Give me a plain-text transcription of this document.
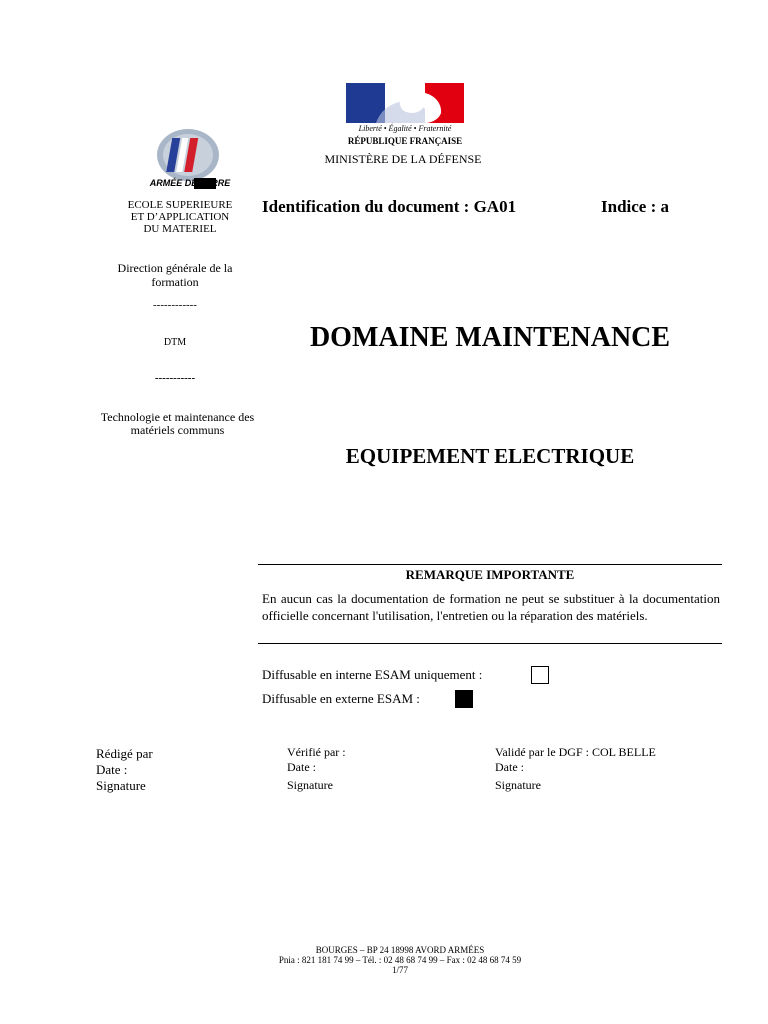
Liberté • Égalité • Fraternité
RÉPUBLIQUE FRANÇAISE
MINISTÈRE DE LA DÉFENSE
ARMÉE DE TERRE
ECOLE SUPERIEURE
ET D’APPLICATION
DU MATERIEL
Direction générale de la formation
------------
DTM
-----------
Technologie et maintenance des matériels communs
Identification du document : GA01	Indice : a
DOMAINE MAINTENANCE
EQUIPEMENT ELECTRIQUE
REMARQUE IMPORTANTE
En aucun cas la documentation de formation ne peut se substituer à la documentation officielle concernant l'utilisation, l'entretien ou la réparation des matériels.
Diffusable en interne ESAM uniquement :
Diffusable en externe ESAM :
Rédigé par
Date :
Signature
Vérifié par :
Date :
Signature
Validé par le DGF : COL BELLE
Date :
Signature
BOURGES – BP 24 18998 AVORD ARMÉES
Pnia : 821 181 74 99 – Tél. : 02 48 68 74 99 – Fax : 02 48 68 74 59
1/77
